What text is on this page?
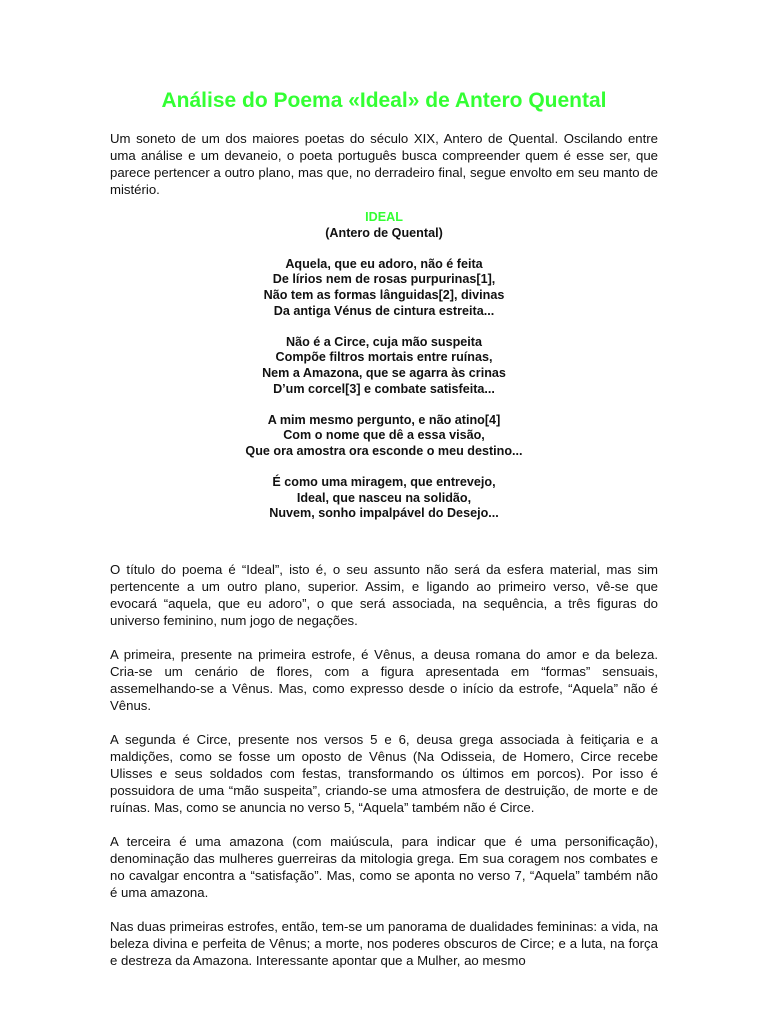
Análise do Poema «Ideal» de Antero Quental

Um soneto de um dos maiores poetas do século XIX, Antero de Quental. Oscilando entre uma análise e um devaneio, o poeta português busca compreender quem é esse ser, que parece pertencer a outro plano, mas que, no derradeiro final, segue envolto em seu manto de mistério.

IDEAL
(Antero de Quental)
Aquela, que eu adoro, não é feita
De lírios nem de rosas purpurinas[1],
Não tem as formas lânguidas[2], divinas
Da antiga Vénus de cintura estreita...
Não é a Circe, cuja mão suspeita
Compõe filtros mortais entre ruínas,
Nem a Amazona, que se agarra às crinas
D’um corcel[3] e combate satisfeita...
A mim mesmo pergunto, e não atino[4]
Com o nome que dê a essa visão,
Que ora amostra ora esconde o meu destino...
É como uma miragem, que entrevejo,
Ideal, que nasceu na solidão,
Nuvem, sonho impalpável do Desejo...

O título do poema é “Ideal”, isto é, o seu assunto não será da esfera material, mas sim pertencente a um outro plano, superior. Assim, e ligando ao primeiro verso, vê-se que evocará “aquela, que eu adoro”, o que será associada, na sequência, a três figuras do universo feminino, num jogo de negações.

A primeira, presente na primeira estrofe, é Vênus, a deusa romana do amor e da beleza. Cria-se um cenário de flores, com a figura apresentada em “formas” sensuais, assemelhando-se a Vênus. Mas, como expresso desde o início da estrofe, “Aquela” não é Vênus.

A segunda é Circe, presente nos versos 5 e 6, deusa grega associada à feitiçaria e a maldições, como se fosse um oposto de Vênus (Na Odisseia, de Homero, Circe recebe Ulisses e seus soldados com festas, transformando os últimos em porcos). Por isso é possuidora de uma “mão suspeita”, criando-se uma atmosfera de destruição, de morte e de ruínas. Mas, como se anuncia no verso 5, “Aquela” também não é Circe.

A terceira é uma amazona (com maiúscula, para indicar que é uma personificação), denominação das mulheres guerreiras da mitologia grega. Em sua coragem nos combates e no cavalgar encontra a “satisfação”. Mas, como se aponta no verso 7, “Aquela” também não é uma amazona.

Nas duas primeiras estrofes, então, tem-se um panorama de dualidades femininas: a vida, na beleza divina e perfeita de Vênus; a morte, nos poderes obscuros de Circe; e a luta, na força e destreza da Amazona. Interessante apontar que a Mulher, ao mesmo
